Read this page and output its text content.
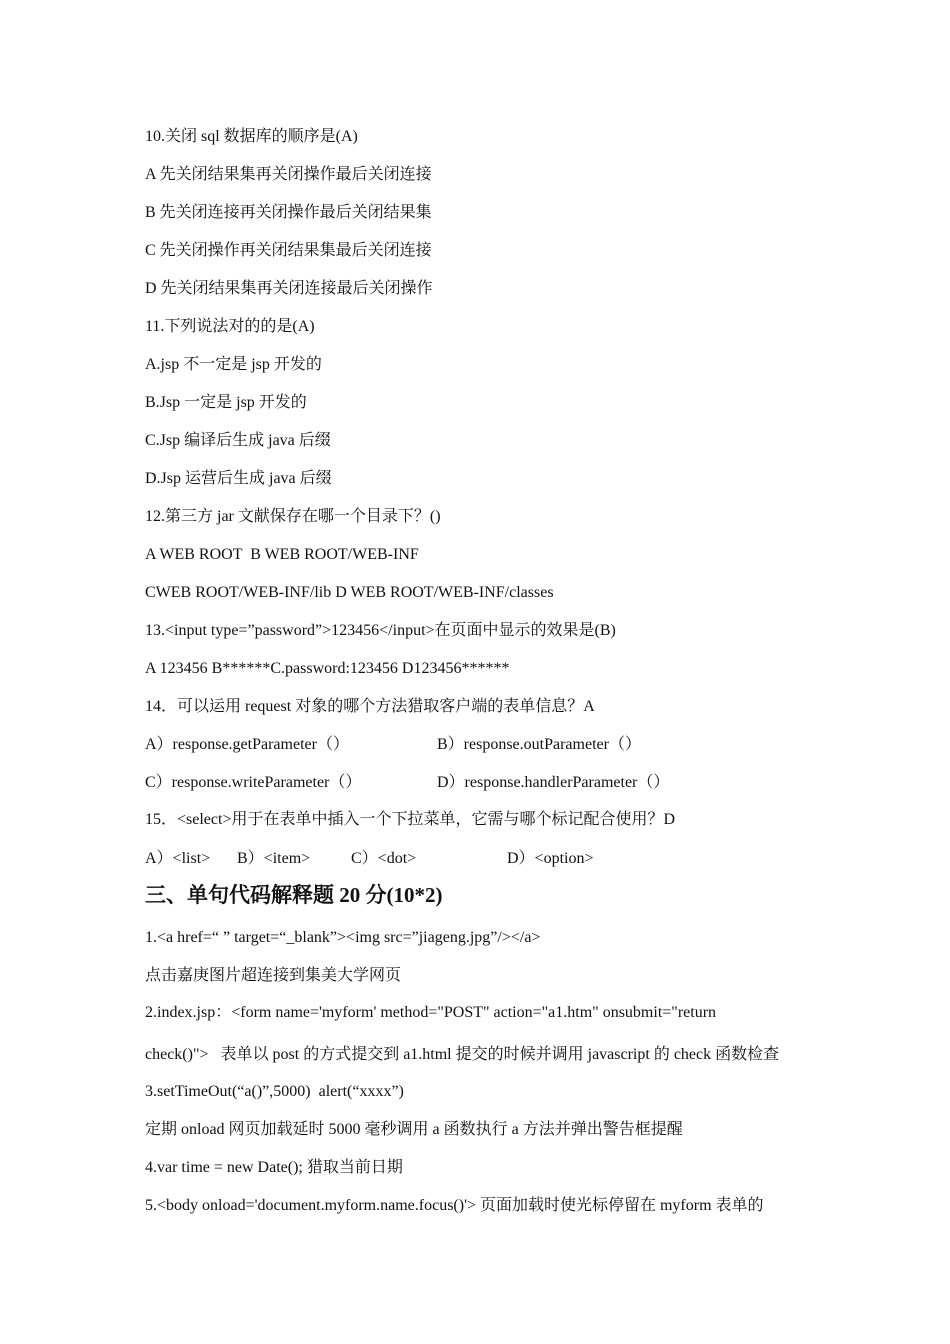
10.关闭 sql 数据库的顺序是(A)

A 先关闭结果集再关闭操作最后关闭连接

B 先关闭连接再关闭操作最后关闭结果集

C 先关闭操作再关闭结果集最后关闭连接

D 先关闭结果集再关闭连接最后关闭操作

11.下列说法对的的是(A)

A.jsp 不一定是 jsp 开发的

B.Jsp 一定是 jsp 开发的

C.Jsp 编译后生成 java 后缀

D.Jsp 运营后生成 java 后缀

12.第三方 jar 文献保存在哪一个目录下？()

A WEB ROOT  B WEB ROOT/WEB-INF

CWEB ROOT/WEB-INF/lib D WEB ROOT/WEB-INF/classes

13.<input type=”password”>123456</input>在页面中显示的效果是(B)

A 123456 B******C.password:123456 D123456******

14．可以运用 request 对象的哪个方法猎取客户端的表单信息？A

A）response.getParameter（）	B）response.outParameter（）
C）response.writeParameter（）	D）response.handlerParameter（）

15．<select>用于在表单中插入一个下拉菜单，它需与哪个标记配合使用？D

A）<list> B）<item>	C）<dot>	D）<option>
三、单句代码解释题 20 分(10*2)

1.<a href=“ ” target=“_blank”><img src=”jiageng.jpg”/></a>

点击嘉庚图片超连接到集美大学网页

2.index.jsp：<form name='myform' method="POST" action="a1.htm" onsubmit="return

check()">   表单以 post 的方式提交到 a1.html 提交的时候并调用 javascript 的 check 函数检查

3.setTimeOut(“a()”,5000)  alert(“xxxx”)

定期 onload 网页加载延时 5000 毫秒调用 a 函数执行 a 方法并弹出警告框提醒

4.var time = new Date(); 猎取当前日期

5.<body onload='document.myform.name.focus()'> 页面加载时使光标停留在 myform 表单的
